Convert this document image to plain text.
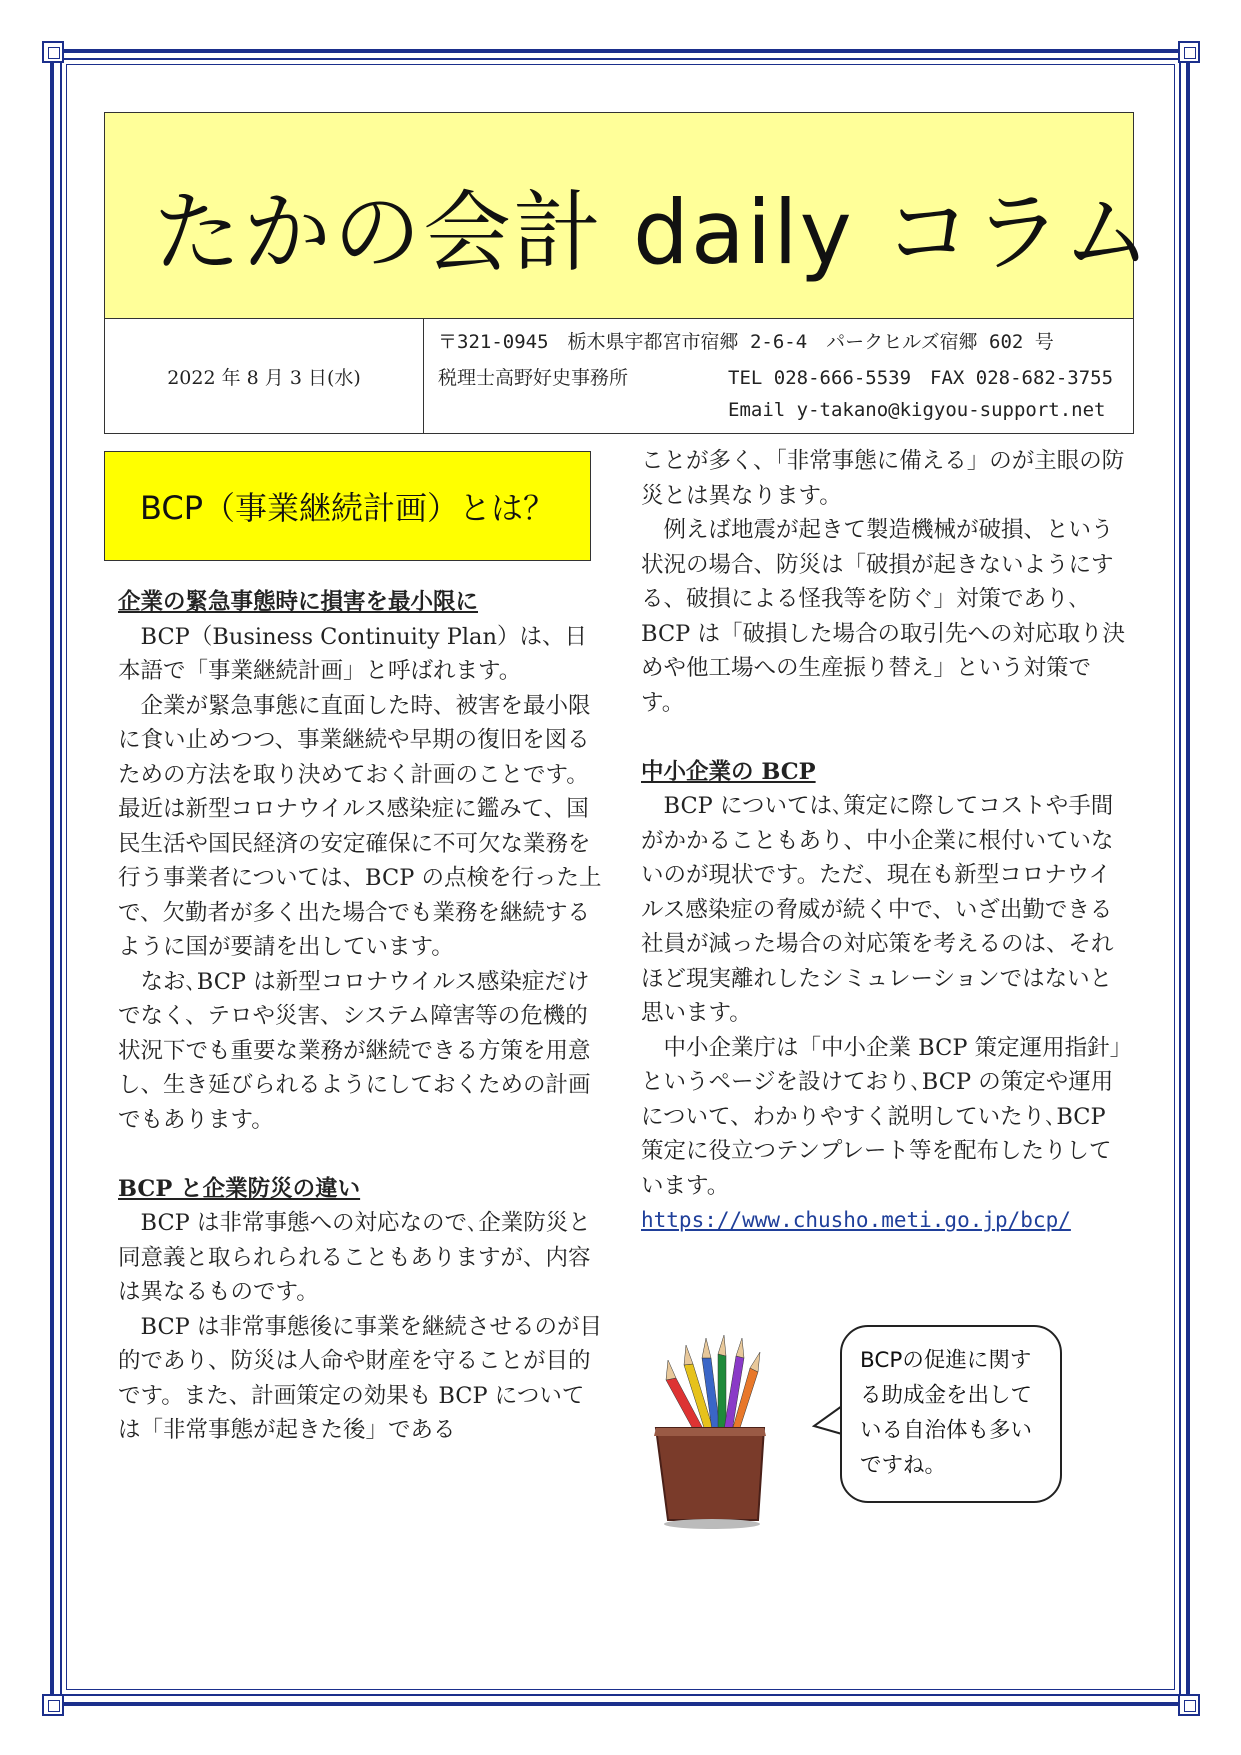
たかの会計 daily コラム
2022 年 8 月 3 日(水)
〒321-0945　栃木県宇都宮市宿郷 2-6-4　パークヒルズ宿郷 602 号
税理士高野好史事務所	TEL 028-666-5539　FAX 028-682-3755
Email y-takano@kigyou-support.net
BCP（事業継続計画）とは？

企業の緊急事態時に損害を最小限に

　BCP（Business Continuity Plan）は、日本語で「事業継続計画」と呼ばれます。

　企業が緊急事態に直面した時、被害を最小限に食い止めつつ、事業継続や早期の復旧を図るための方法を取り決めておく計画のことです。最近は新型コロナウイルス感染症に鑑みて、国民生活や国民経済の安定確保に不可欠な業務を行う事業者については、BCP の点検を行った上で、欠勤者が多く出た場合でも業務を継続するように国が要請を出しています。

　なお､BCP は新型コロナウイルス感染症だけでなく、テロや災害、システム障害等の危機的状況下でも重要な業務が継続できる方策を用意し、生き延びられるようにしておくための計画でもあります。

BCP と企業防災の違い

　BCP は非常事態への対応なので､企業防災と同意義と取られられることもありますが、内容は異なるものです。

　BCP は非常事態後に事業を継続させるのが目的であり、防災は人命や財産を守ることが目的です。また、計画策定の効果も BCP については「非常事態が起きた後」である

ことが多く、「非常事態に備える」のが主眼の防災とは異なります。

　例えば地震が起きて製造機械が破損、という状況の場合、防災は「破損が起きないようにする、破損による怪我等を防ぐ」対策であり､BCP は「破損した場合の取引先への対応取り決めや他工場への生産振り替え」という対策です。

中小企業の BCP

　BCP については､策定に際してコストや手間がかかることもあり、中小企業に根付いていないのが現状です。ただ、現在も新型コロナウイルス感染症の脅威が続く中で、いざ出勤できる社員が減った場合の対応策を考えるのは、それほど現実離れしたシミュレーションではないと思います。

　中小企業庁は「中小企業 BCP 策定運用指針」というページを設けており､BCP の策定や運用について、わかりやすく説明していたり､BCP 策定に役立つテンプレート等を配布したりしています。

https://www.chusho.meti.go.jp/bcp/

BCPの促進に関する助成金を出している自治体も多いですね。
